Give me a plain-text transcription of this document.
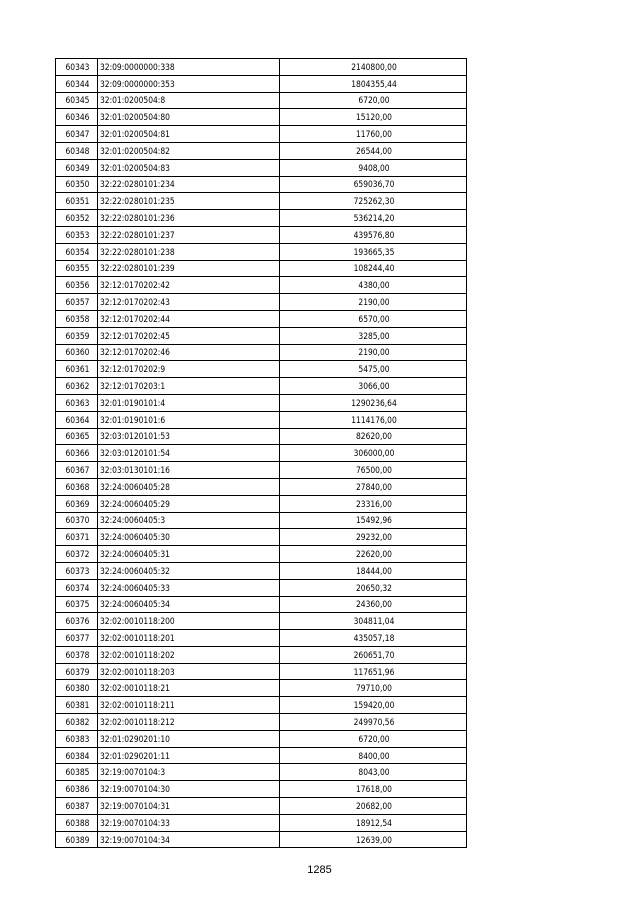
60343	32:09:0000000:338	2140800,00
60344	32:09:0000000:353	1804355,44
60345	32:01:0200504:8	6720,00
60346	32:01:0200504:80	15120,00
60347	32:01:0200504:81	11760,00
60348	32:01:0200504:82	26544,00
60349	32:01:0200504:83	9408,00
60350	32:22:0280101:234	659036,70
60351	32:22:0280101:235	725262,30
60352	32:22:0280101:236	536214,20
60353	32:22:0280101:237	439576,80
60354	32:22:0280101:238	193665,35
60355	32:22:0280101:239	108244,40
60356	32:12:0170202:42	4380,00
60357	32:12:0170202:43	2190,00
60358	32:12:0170202:44	6570,00
60359	32:12:0170202:45	3285,00
60360	32:12:0170202:46	2190,00
60361	32:12:0170202:9	5475,00
60362	32:12:0170203:1	3066,00
60363	32:01:0190101:4	1290236,64
60364	32:01:0190101:6	1114176,00
60365	32:03:0120101:53	82620,00
60366	32:03:0120101:54	306000,00
60367	32:03:0130101:16	76500,00
60368	32:24:0060405:28	27840,00
60369	32:24:0060405:29	23316,00
60370	32:24:0060405:3	15492,96
60371	32:24:0060405:30	29232,00
60372	32:24:0060405:31	22620,00
60373	32:24:0060405:32	18444,00
60374	32:24:0060405:33	20650,32
60375	32:24:0060405:34	24360,00
60376	32:02:0010118:200	304811,04
60377	32:02:0010118:201	435057,18
60378	32:02:0010118:202	260651,70
60379	32:02:0010118:203	117651,96
60380	32:02:0010118:21	79710,00
60381	32:02:0010118:211	159420,00
60382	32:02:0010118:212	249970,56
60383	32:01:0290201:10	6720,00
60384	32:01:0290201:11	8400,00
60385	32:19:0070104:3	8043,00
60386	32:19:0070104:30	17618,00
60387	32:19:0070104:31	20682,00
60388	32:19:0070104:33	18912,54
60389	32:19:0070104:34	12639,00
1285
